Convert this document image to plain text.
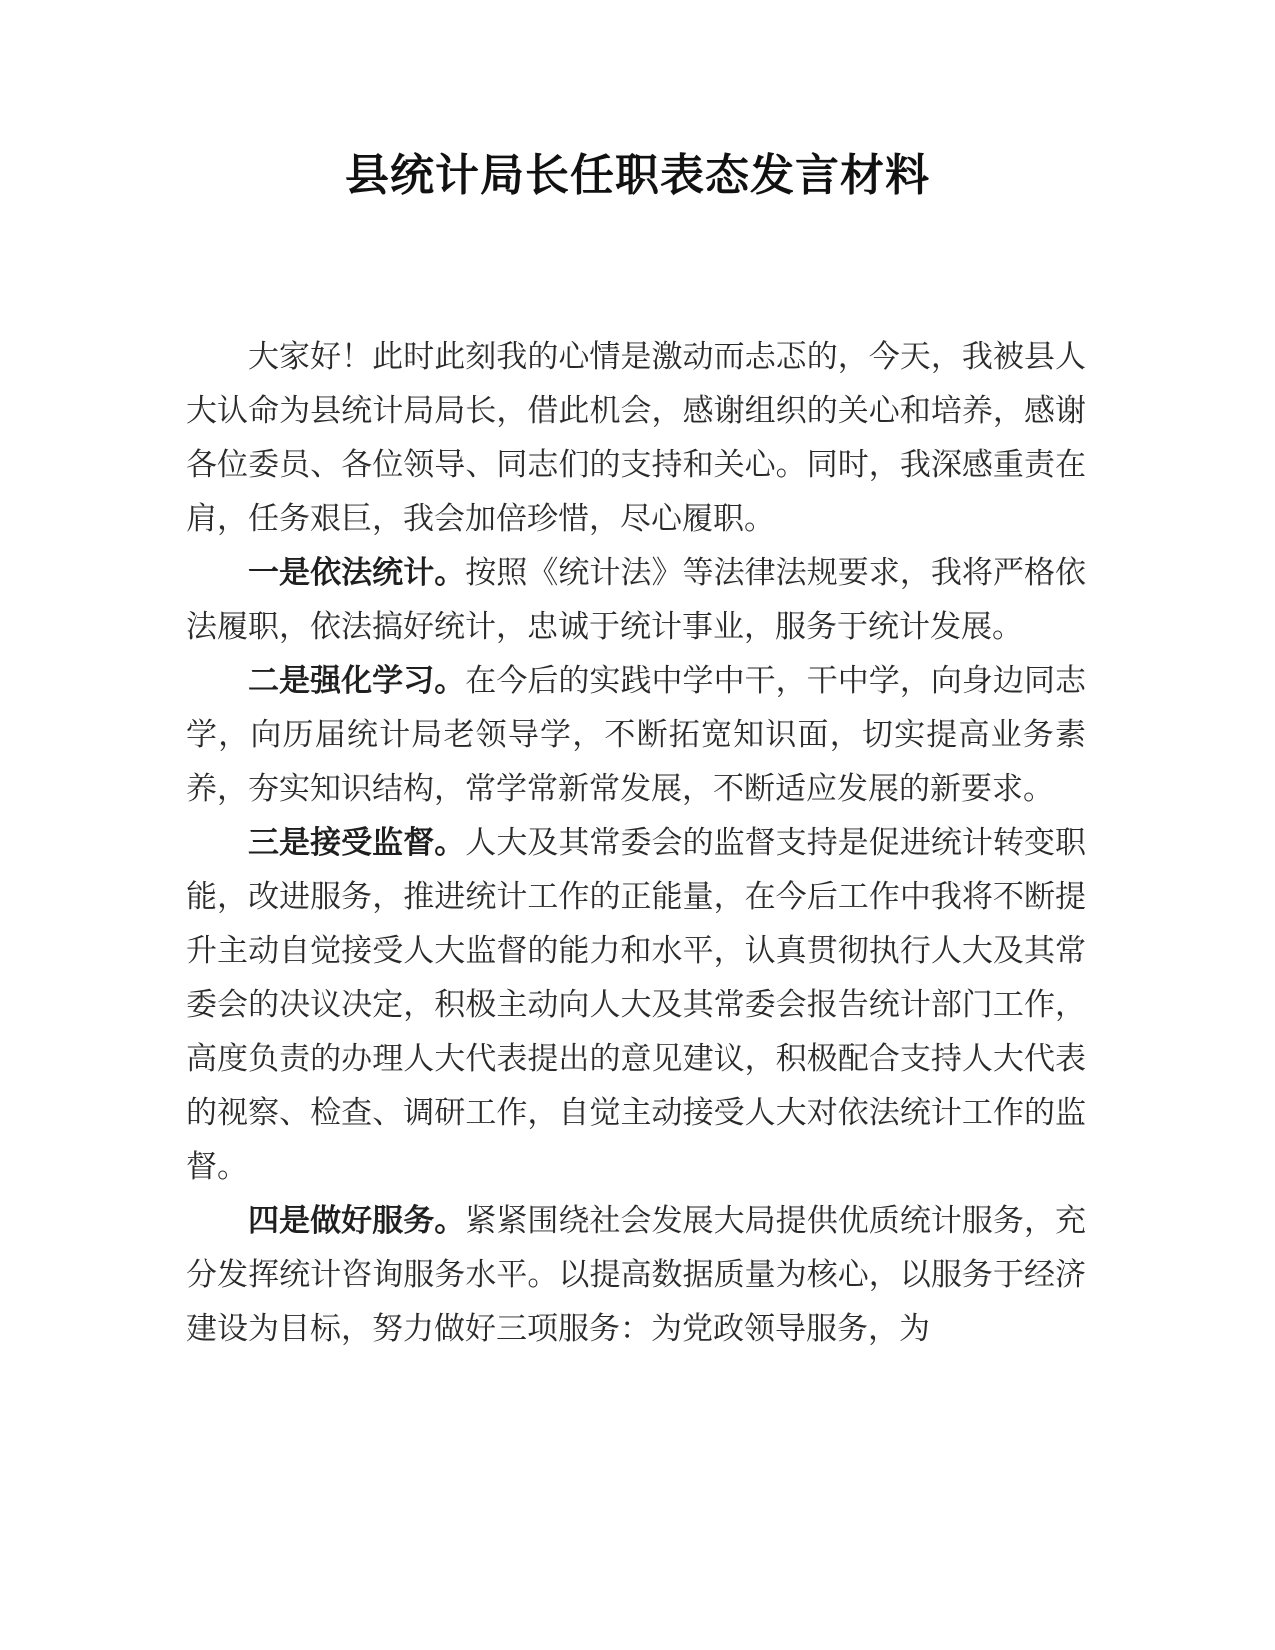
县统计局长任职表态发言材料

大家好！此时此刻我的心情是激动而忐忑的，今天，我被县人大认命为县统计局局长，借此机会，感谢组织的关心和培养，感谢各位委员、各位领导、同志们的支持和关心。同时，我深感重责在肩，任务艰巨，我会加倍珍惜，尽心履职。

一是依法统计。按照《统计法》等法律法规要求，我将严格依法履职，依法搞好统计，忠诚于统计事业，服务于统计发展。

二是强化学习。在今后的实践中学中干，干中学，向身边同志学，向历届统计局老领导学，不断拓宽知识面，切实提高业务素养，夯实知识结构，常学常新常发展，不断适应发展的新要求。

三是接受监督。人大及其常委会的监督支持是促进统计转变职能，改进服务，推进统计工作的正能量，在今后工作中我将不断提升主动自觉接受人大监督的能力和水平，认真贯彻执行人大及其常委会的决议决定，积极主动向人大及其常委会报告统计部门工作，高度负责的办理人大代表提出的意见建议，积极配合支持人大代表的视察、检查、调研工作，自觉主动接受人大对依法统计工作的监督。

四是做好服务。紧紧围绕社会发展大局提供优质统计服务，充分发挥统计咨询服务水平。以提高数据质量为核心，以服务于经济建设为目标，努力做好三项服务：为党政领导服务，为
